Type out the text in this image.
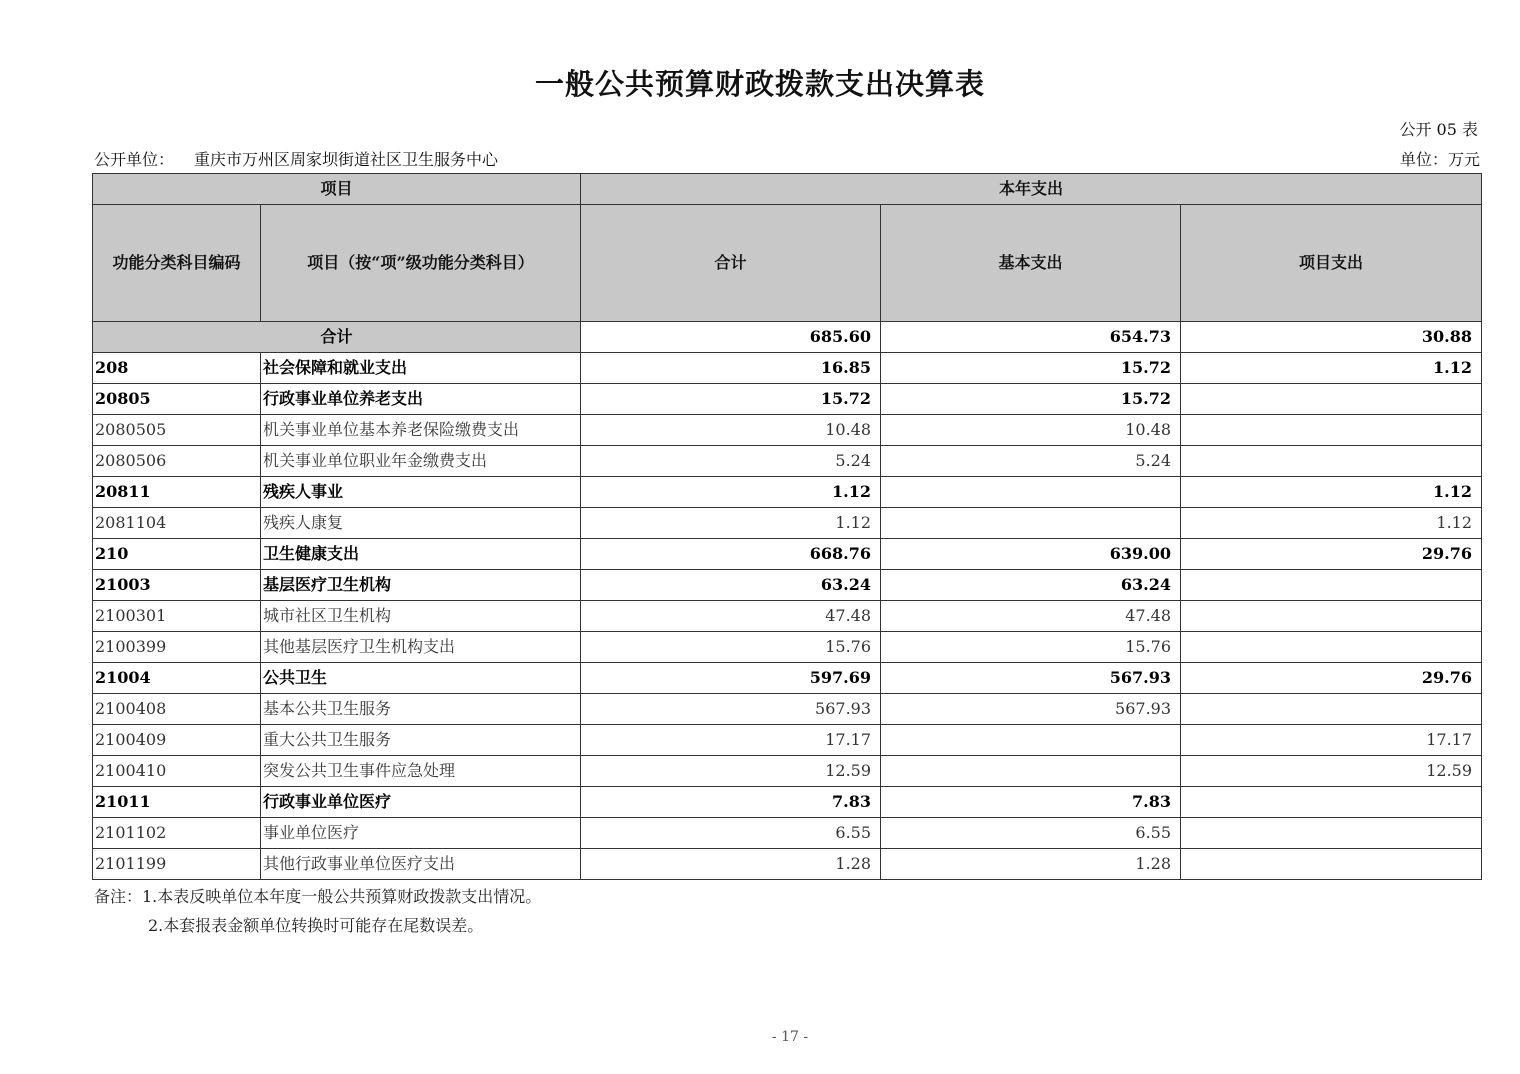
一般公共预算财政拨款支出决算表
公开 05 表
公开单位： 重庆市万州区周家坝街道社区卫生服务中心	单位：万元
项目		本年支出		
功能分类科目编码	项目（按“项”级功能分类科目）	合计	基本支出	项目支出
合计		685.60	654.73	30.88
208	社会保障和就业支出	16.85	15.72	1.12
20805	行政事业单位养老支出	15.72	15.72	
2080505	机关事业单位基本养老保险缴费支出	10.48	10.48	
2080506	机关事业单位职业年金缴费支出	5.24	5.24	
20811	残疾人事业	1.12		1.12
2081104	残疾人康复	1.12		1.12
210	卫生健康支出	668.76	639.00	29.76
21003	基层医疗卫生机构	63.24	63.24	
2100301	城市社区卫生机构	47.48	47.48	
2100399	其他基层医疗卫生机构支出	15.76	15.76	
21004	公共卫生	597.69	567.93	29.76
2100408	基本公共卫生服务	567.93	567.93	
2100409	重大公共卫生服务	17.17		17.17
2100410	突发公共卫生事件应急处理	12.59		12.59
21011	行政事业单位医疗	7.83	7.83	
2101102	事业单位医疗	6.55	6.55	
2101199	其他行政事业单位医疗支出	1.28	1.28	
备注：1.本表反映单位本年度一般公共预算财政拨款支出情况。
2.本套报表金额单位转换时可能存在尾数误差。
- 17 -
